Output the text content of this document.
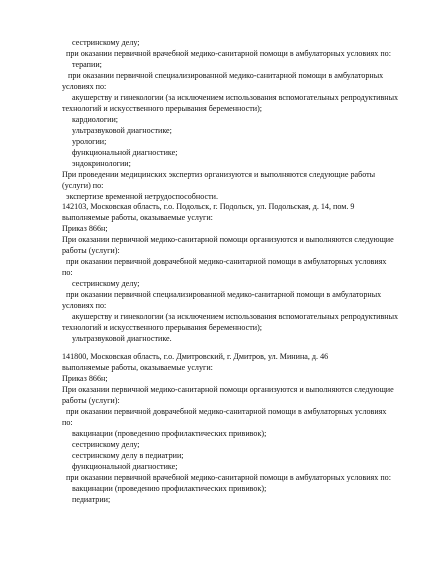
сестринскому делу;
при оказании первичной врачебной медико-санитарной помощи в амбулаторных условиях по:
терапии;
при оказании первичной специализированной медико-санитарной помощи в амбулаторных
условиях по:
акушерству и гинекологии (за исключением использования вспомогательных репродуктивных
технологий и искусственного прерывания беременности);
кардиологии;
ультразвуковой диагностике;
урологии;
функциональной диагностике;
эндокринологии;
При проведении медицинских экспертиз организуются и выполняются следующие работы
(услуги) по:
экспертизе временной нетрудоспособности.
142103, Московская область, г.о. Подольск, г. Подольск, ул. Подольская, д. 14, пом. 9
выполняемые работы, оказываемые услуги:
Приказ 866н;
При оказании первичной медико-санитарной помощи организуются и выполняются следующие
работы (услуги):
при оказании первичной доврачебной медико-санитарной помощи в амбулаторных условиях
по:
сестринскому делу;
при оказании первичной специализированной медико-санитарной помощи в амбулаторных
условиях по:
акушерству и гинекологии (за исключением использования вспомогательных репродуктивных
технологий и искусственного прерывания беременности);
ультразвуковой диагностике.
141800, Московская область, г.о. Дмитровский, г. Дмитров, ул. Минина, д. 46
выполняемые работы, оказываемые услуги:
Приказ 866н;
При оказании первичной медико-санитарной помощи организуются и выполняются следующие
работы (услуги):
при оказании первичной доврачебной медико-санитарной помощи в амбулаторных условиях
по:
вакцинации (проведению профилактических прививок);
сестринскому делу;
сестринскому делу в педиатрии;
функциональной диагностике;
при оказании первичной врачебной медико-санитарной помощи в амбулаторных условиях по:
вакцинации (проведению профилактических прививок);
педиатрии;
